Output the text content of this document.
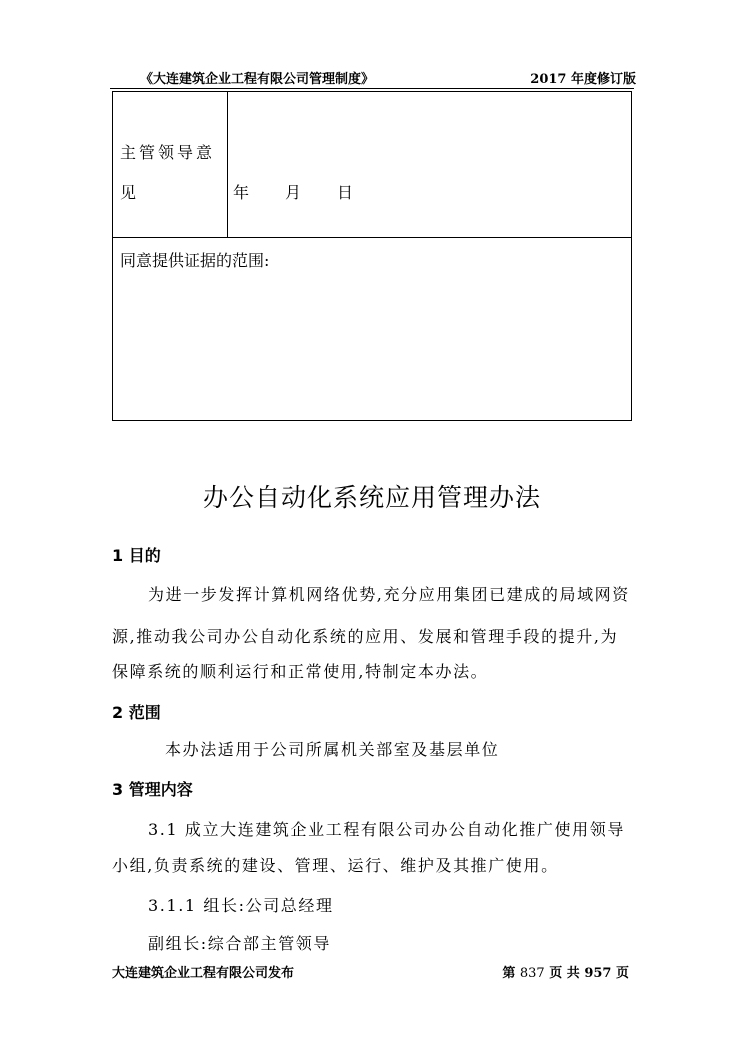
《大连建筑企业工程有限公司管理制度》	2017 年度修订版
主管领导意
见	年 月 日
同意提供证据的范围:
办公自动化系统应用管理办法
1 目的
为进一步发挥计算机网络优势,充分应用集团已建成的局域网资
源,推动我公司办公自动化系统的应用、发展和管理手段的提升,为
保障系统的顺利运行和正常使用,特制定本办法。
2 范围
本办法适用于公司所属机关部室及基层单位
3 管理内容
3.1 成立大连建筑企业工程有限公司办公自动化推广使用领导
小组,负责系统的建设、管理、运行、维护及其推广使用。
3.1.1 组长:公司总经理
副组长:综合部主管领导
大连建筑企业工程有限公司发布	第 837 页 共 957 页
